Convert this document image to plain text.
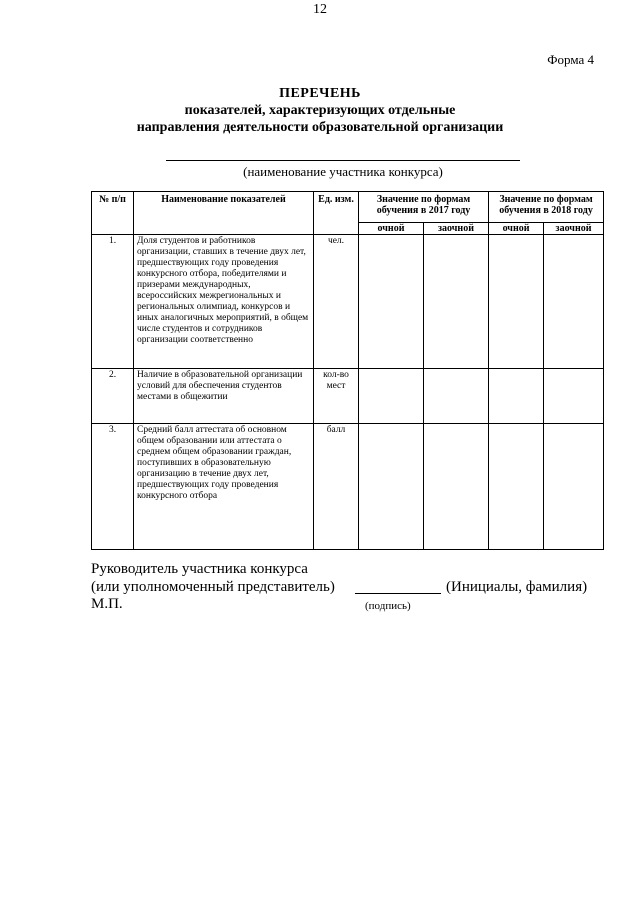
12
Форма 4
ПЕРЕЧЕНЬ
показателей, характеризующих отдельные
направления деятельности образовательной организации
(наименование участника конкурса)
№ п/п	Наименование показателей	Ед. изм.	Значение по формам обучения в 2017 году		Значение по формам обучения в 2018 году	
			очной	заочной	очной	заочной
1.	Доля студентов и работников организации, ставших в течение двух лет, предшествующих году проведения конкурсного отбора, победителями и призерами международных, всероссийских межрегиональных и региональных олимпиад, конкурсов и иных аналогичных мероприятий, в общем числе студентов и сотрудников организации соответственно	чел.				
2.	Наличие в образовательной организации условий для обеспечения студентов местами в общежитии	кол-во мест				
3.	Средний балл аттестата об основном общем образовании или аттестата о среднем общем образовании граждан, поступивших в образовательную организацию в течение двух лет, предшествующих году проведения конкурсного отбора	балл				
Руководитель участника конкурса
(или уполномоченный представитель)	(Инициалы, фамилия)
М.П.	(подпись)
